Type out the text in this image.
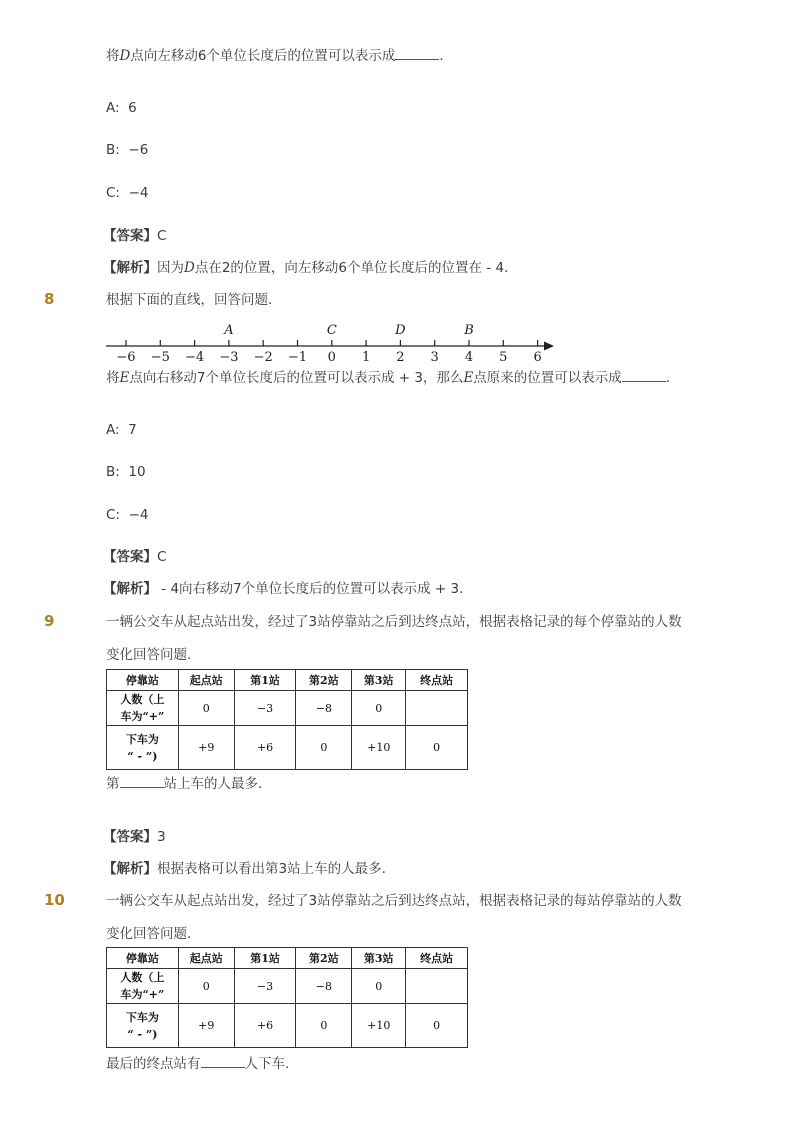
将D点向左移动6个单位长度后的位置可以表示成	.
A: 6
B: −6
C: −4
【答案】C
【解析】因为D点在2的位置，向左移动6个单位长度后的位置在 - 4.
8	根据下面的直线，回答问题.
−6 −5 −4 −3 −2 −1 0 1 2 3 4 5 6
A	C	D	B
将E点向右移动7个单位长度后的位置可以表示成 + 3，那么E点原来的位置可以表示成	.
A: 7
B: 10
C: −4
【答案】C
【解析】 - 4向右移动7个单位长度后的位置可以表示成 + 3.
9	一辆公交车从起点站出发，经过了3站停靠站之后到达终点站，根据表格记录的每个停靠站的人数
变化回答问题.
停靠站	起点站	第1站	第2站	第3站	终点站
人数（上
车为“+”	0	−3	−8	0	
下车为
“ - ”)	+9	+6	0	+10	0
第	站上车的人最多.
【答案】3
【解析】根据表格可以看出第3站上车的人最多.
10	一辆公交车从起点站出发，经过了3站停靠站之后到达终点站，根据表格记录的每站停靠站的人数
变化回答问题.
停靠站	起点站	第1站	第2站	第3站	终点站
人数（上
车为“+”	0	−3	−8	0	
下车为
“ - ”)	+9	+6	0	+10	0
最后的终点站有	人下车.
